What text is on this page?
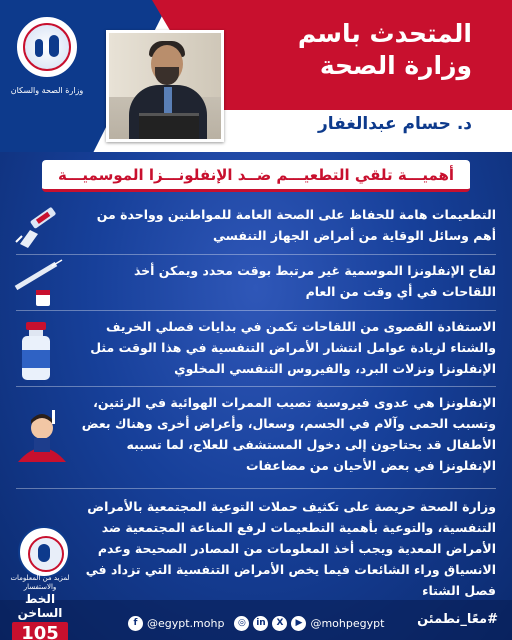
وزارة الصحة والسكان
المتحدث باسم
وزارة الصحة
د. حسام عبدالغفار
أهميـــة تلقي التطعيـــم ضــد الإنفلونـــزا الموسميـــة
التطعيمات هامة للحفاظ على الصحة العامة للمواطنين وواحدة من أهم وسائل الوقاية من أمراض الجهاز التنفسي
لقاح الإنفلونزا الموسمية غير مرتبط بوقت محدد ويمكن أخذ اللقاحات في أي وقت من العام
الاستفادة القصوى من اللقاحات تكمن في بدايات فصلي الخريف والشتاء لزيادة عوامل انتشار الأمراض التنفسية في هذا الوقت مثل الإنفلونزا ونزلات البرد، والفيروس التنفسي المخلوي
الإنفلونزا هي عدوى فيروسية تصيب الممرات الهوائية في الرئتين، وتسبب الحمى وآلام في الجسم، وسعال، وأعراض أخرى وهناك بعض الأطفال قد يحتاجون إلى دخول المستشفى للعلاج، لما تسببه الإنفلونزا في بعض الأحيان من مضاعفات
وزارة الصحة حريصة على تكثيف حملات التوعية المجتمعية بالأمراض التنفسية، والتوعية بأهمية التطعيمات لرفع المناعة المجتمعية ضد الأمراض المعدية ويجب أخذ المعلومات من المصادر الصحيحة وعدم الانسياق وراء الشائعات فيما يخص الأمراض التنفسية التي تزداد في فصل الشتاء
لمزيد من المعلومات والاستفسار
الخط الساخن
105	f @egypt.mohp	◎	in	X	▶ @mohpegypt	#معًا_نطمئن
